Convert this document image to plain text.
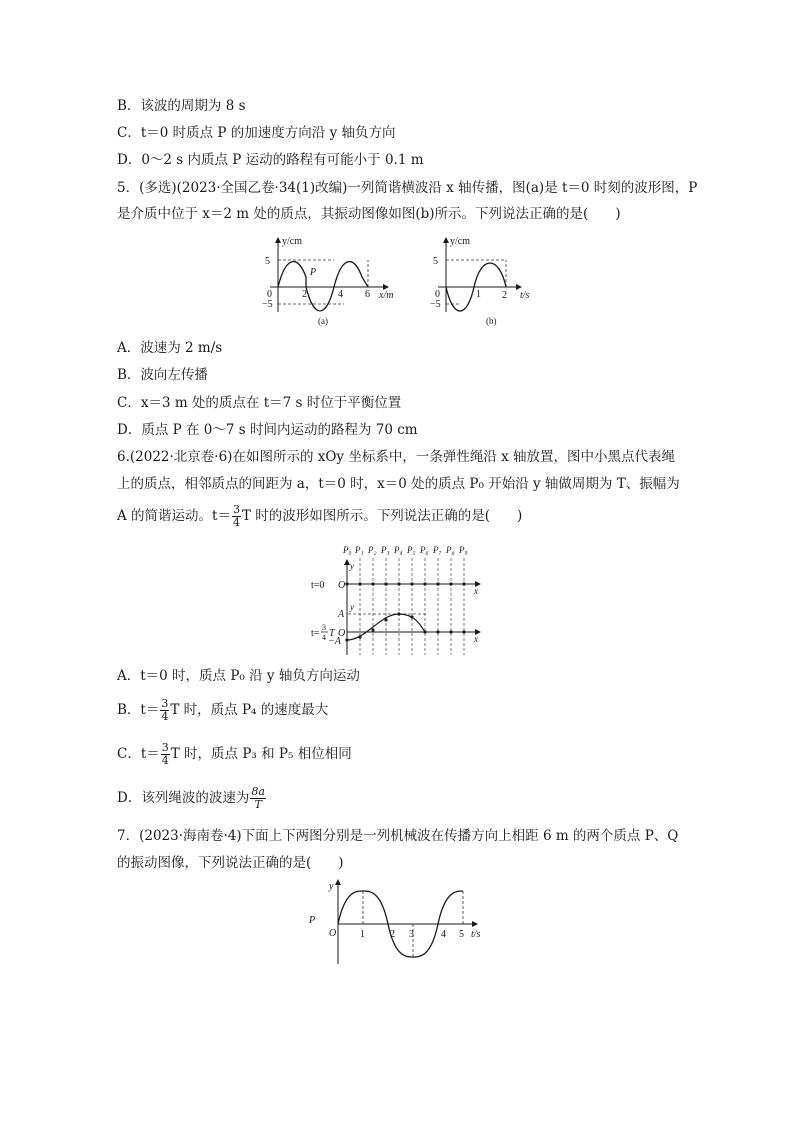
B．该波的周期为 8 s
C．t＝0 时质点 P 的加速度方向沿 y 轴负方向
D．0～2 s 内质点 P 运动的路程有可能小于 0.1 m
5．(多选)(2023·全国乙卷·34(1)改编)一列简谐横波沿 x 轴传播，图(a)是 t＝0 时刻的波形图，P
是介质中位于 x＝2 m 处的质点，其振动图像如图(b)所示。下列说法正确的是(　　)
y/cm
x/m
5
0
−5
2	4 6
P
(a)
y/cm
t/s
5
0
−5
1 2
(b)
A．波速为 2 m/s
B．波向左传播
C．x＝3 m 处的质点在 t＝7 s 时位于平衡位置
D．质点 P 在 0～7 s 时间内运动的路程为 70 cm
6.(2022·北京卷·6)在如图所示的 xOy 坐标系中，一条弹性绳沿 x 轴放置，图中小黑点代表绳
上的质点，相邻质点的间距为 a，t＝0 时，x＝0 处的质点 P₀ 开始沿 y 轴做周期为 T、振幅为
A 的简谐运动。$t= \frac{3}{4}$ T 时的波形如图所示。下列说法正确的是(　　)
P₀ P₁ P₂ P₃ P₄ P₅ P₆ P₇ P₈ P₉
y
t=0 O	x
y
A
t=
3
4 T O
−A	x
A．t＝0 时，质点 P₀ 沿 y 轴负方向运动
B．$t= \frac{3}{4}$ T 时，质点 P₄ 的速度最大
C．$t= \frac{3}{4}$ T 时，质点 P₃ 和 P₅ 相位相同
D．该列绳波的波速为 $\frac{8a}{T}$
7．(2023·海南卷·4)下面上下两图分别是一列机械波在传播方向上相距 6 m 的两个质点 P、Q
的振动图像，下列说法正确的是(　　)
y
P
O 1	2 3	4 5 t/s
